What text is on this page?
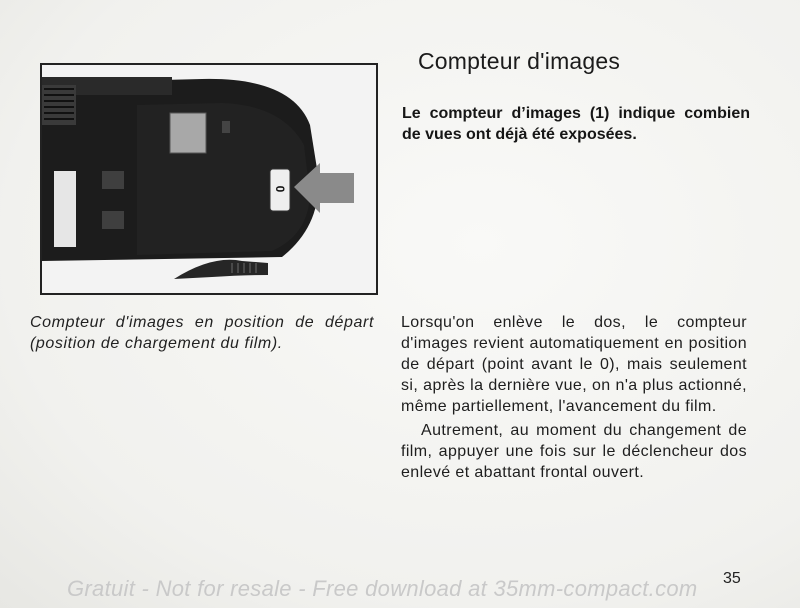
0
Compteur d'images
Le compteur d’images (1) indique combien de vues ont déjà été exposées.
Compteur d'images en position de départ (position de chargement du film).

Lorsqu'on enlève le dos, le compteur d'images revient automatiquement en position de départ (point avant le 0), mais seulement si, après la dernière vue, on n'a plus actionné, même partiellement, l'avancement du film.

Autrement, au moment du changement de film, appuyer une fois sur le déclencheur dos enlevé et abattant frontal ouvert.

35
Gratuit - Not for resale - Free download at 35mm-compact.com
